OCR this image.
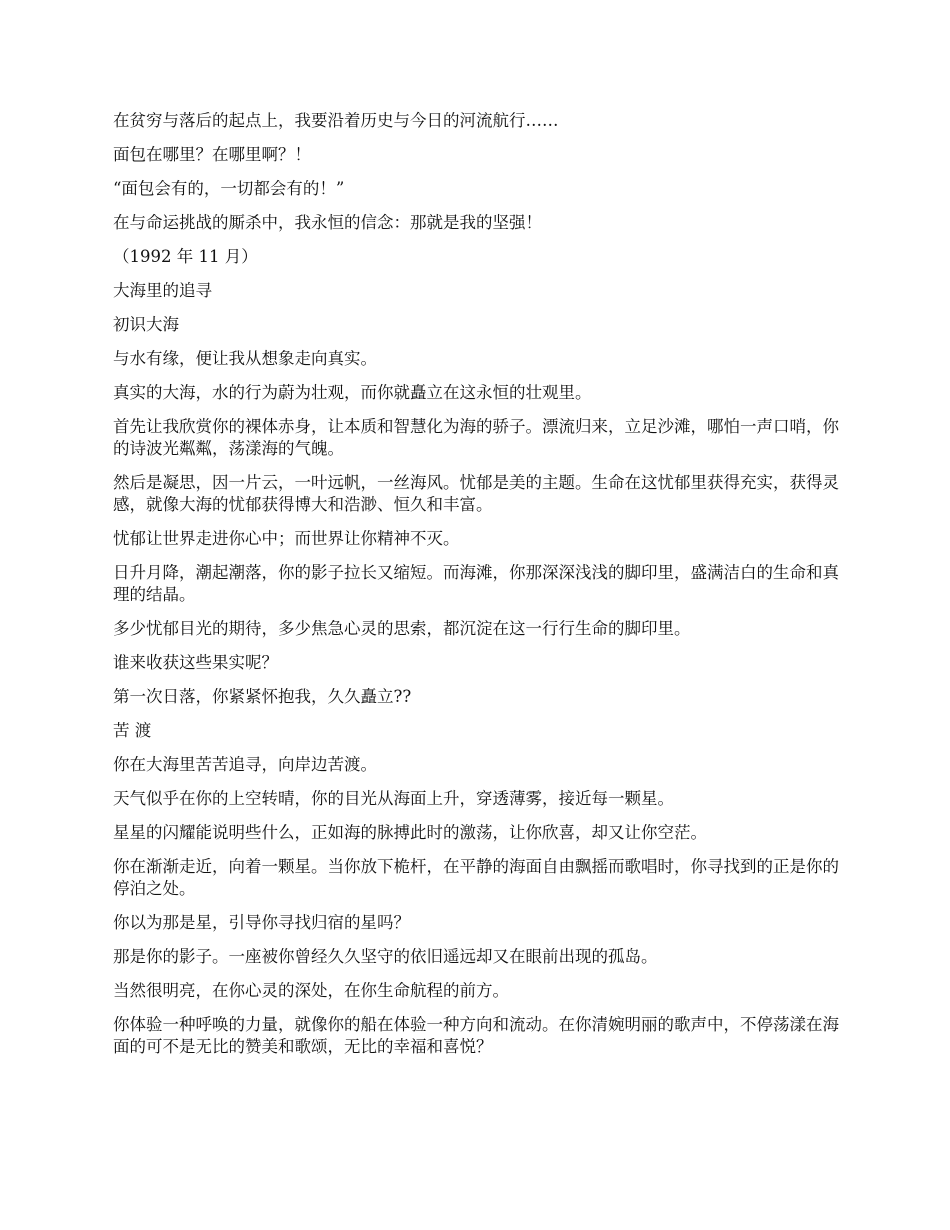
在贫穷与落后的起点上，我要沿着历史与今日的河流航行……

面包在哪里？在哪里啊？！

“面包会有的，一切都会有的！”

在与命运挑战的厮杀中，我永恒的信念：那就是我的坚强！

（1992 年 11 月）

大海里的追寻

初识大海

与水有缘，便让我从想象走向真实。

真实的大海，水的行为蔚为壮观，而你就矗立在这永恒的壮观里。

首先让我欣赏你的裸体赤身，让本质和智慧化为海的骄子。漂流归来，立足沙滩，哪怕一声口哨，你的诗波光粼粼，荡漾海的气魄。

然后是凝思，因一片云，一叶远帆，一丝海风。忧郁是美的主题。生命在这忧郁里获得充实，获得灵感，就像大海的忧郁获得博大和浩渺、恒久和丰富。

忧郁让世界走进你心中；而世界让你精神不灭。

日升月降，潮起潮落，你的影子拉长又缩短。而海滩，你那深深浅浅的脚印里，盛满洁白的生命和真理的结晶。

多少忧郁目光的期待，多少焦急心灵的思索，都沉淀在这一行行生命的脚印里。

谁来收获这些果实呢？

第一次日落，你紧紧怀抱我，久久矗立??

苦 渡

你在大海里苦苦追寻，向岸边苦渡。

天气似乎在你的上空转晴，你的目光从海面上升，穿透薄雾，接近每一颗星。

星星的闪耀能说明些什么，正如海的脉搏此时的激荡，让你欣喜，却又让你空茫。

你在渐渐走近，向着一颗星。当你放下桅杆，在平静的海面自由飘摇而歌唱时，你寻找到的正是你的停泊之处。

你以为那是星，引导你寻找归宿的星吗？

那是你的影子。一座被你曾经久久坚守的依旧遥远却又在眼前出现的孤岛。

当然很明亮，在你心灵的深处，在你生命航程的前方。

你体验一种呼唤的力量，就像你的船在体验一种方向和流动。在你清婉明丽的歌声中，不停荡漾在海面的可不是无比的赞美和歌颂，无比的幸福和喜悦？
